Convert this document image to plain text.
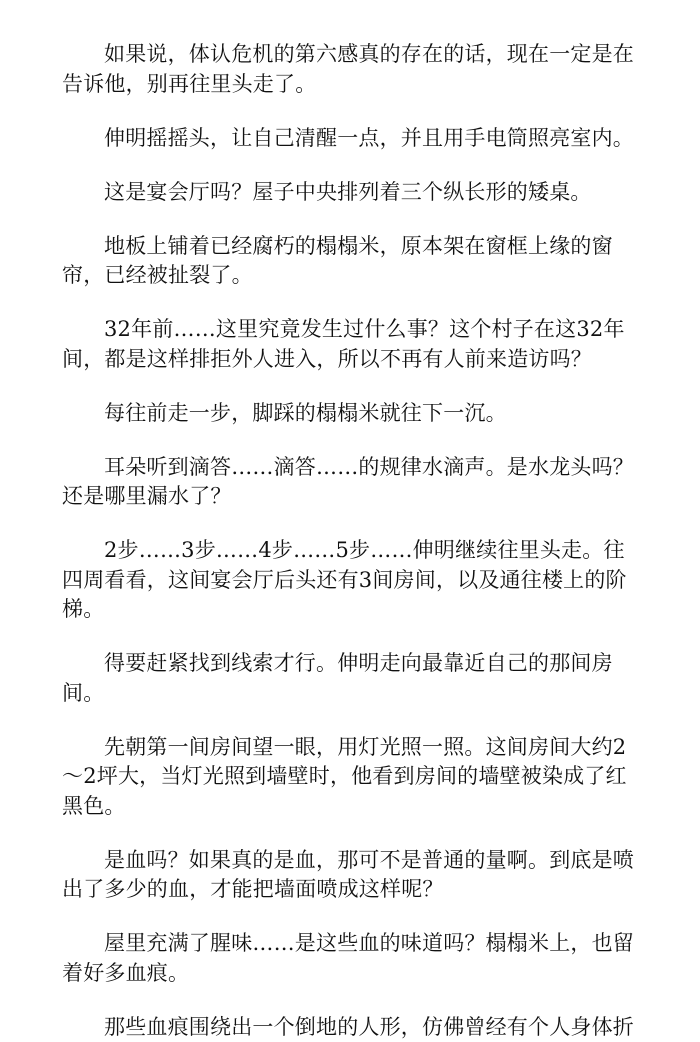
如果说，体认危机的第六感真的存在的话，现在一定是在告诉他，别再往里头走了。

伸明摇摇头，让自己清醒一点，并且用手电筒照亮室内。

这是宴会厅吗？屋子中央排列着三个纵长形的矮桌。

地板上铺着已经腐朽的榻榻米，原本架在窗框上缘的窗帘，已经被扯裂了。

32年前……这里究竟发生过什么事？这个村子在这32年间，都是这样排拒外人进入，所以不再有人前来造访吗？

每往前走一步，脚踩的榻榻米就往下一沉。

耳朵听到滴答……滴答……的规律水滴声。是水龙头吗？还是哪里漏水了？

2步……3步……4步……5步……伸明继续往里头走。往四周看看，这间宴会厅后头还有3间房间，以及通往楼上的阶梯。

得要赶紧找到线索才行。伸明走向最靠近自己的那间房间。

先朝第一间房间望一眼，用灯光照一照。这间房间大约2～2坪大，当灯光照到墙壁时，他看到房间的墙壁被染成了红黑色。

是血吗？如果真的是血，那可不是普通的量啊。到底是喷出了多少的血，才能把墙面喷成这样呢？

屋里充满了腥味……是这些血的味道吗？榻榻米上，也留着好多血痕。

那些血痕围绕出一个倒地的人形，仿佛曾经有个人身体折
